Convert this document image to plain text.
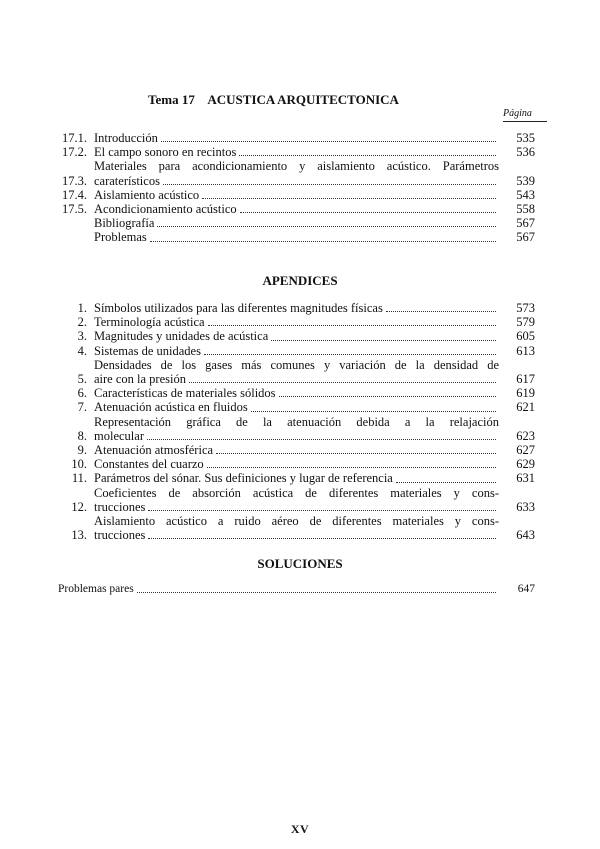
Tema 17 ACUSTICA ARQUITECTONICA
Página
17.1. Introducción	535
17.2. El campo sonoro en recintos	536
17.3.
Materiales para acondicionamiento y aislamiento acústico. Parámetros
caraterísticos	539
17.4. Aislamiento acústico	543
17.5. Acondicionamiento acústico	558
Bibliografía	567
Problemas	567
APENDICES
1. Símbolos utilizados para las diferentes magnitudes físicas	573
2. Terminología acústica	579
3. Magnitudes y unidades de acústica	605
4. Sistemas de unidades	613
5.
Densidades de los gases más comunes y variación de la densidad de
aire con la presión	617
6. Características de materiales sólidos	619
7. Atenuación acústica en fluidos	621
8.
Representación gráfica de la atenuación debida a la relajación
molecular	623
9. Atenuación atmosférica	627
10. Constantes del cuarzo	629
11. Parámetros del sónar. Sus definiciones y lugar de referencia	631
12.
Coeficientes de absorción acústica de diferentes materiales y cons-
trucciones	633
13.
Aislamiento acústico a ruido aéreo de diferentes materiales y cons-
trucciones	643
SOLUCIONES
Problemas pares	647
XV
